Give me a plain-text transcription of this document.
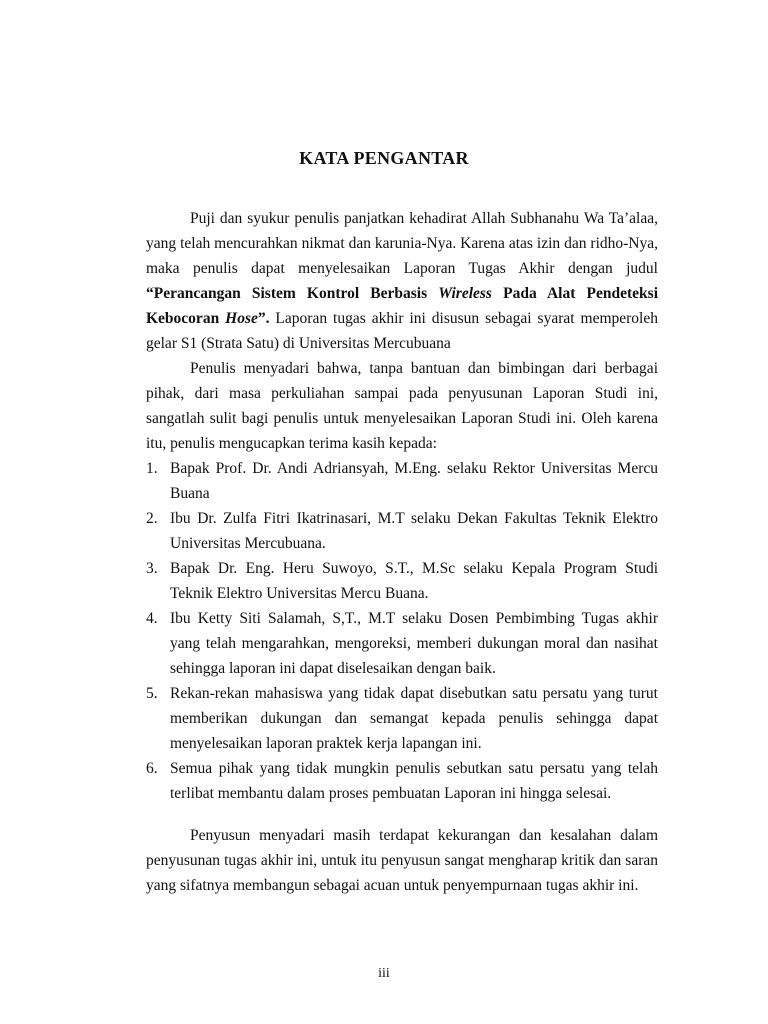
KATA PENGANTAR

Puji dan syukur penulis panjatkan kehadirat Allah Subhanahu Wa Ta’alaa, yang telah mencurahkan nikmat dan karunia-Nya. Karena atas izin dan ridho-Nya, maka penulis dapat menyelesaikan Laporan Tugas Akhir dengan judul “Perancangan Sistem Kontrol Berbasis Wireless Pada Alat Pendeteksi Kebocoran Hose”. Laporan tugas akhir ini disusun sebagai syarat memperoleh gelar S1 (Strata Satu) di Universitas Mercubuana

Penulis menyadari bahwa, tanpa bantuan dan bimbingan dari berbagai pihak, dari masa perkuliahan sampai pada penyusunan Laporan Studi ini, sangatlah sulit bagi penulis untuk menyelesaikan Laporan Studi ini. Oleh karena itu, penulis mengucapkan terima kasih kepada:

1. Bapak Prof. Dr. Andi Adriansyah, M.Eng. selaku Rektor Universitas Mercu Buana
2. Ibu Dr. Zulfa Fitri Ikatrinasari, M.T selaku Dekan Fakultas Teknik Elektro Universitas Mercubuana.
3. Bapak Dr. Eng. Heru Suwoyo, S.T., M.Sc selaku Kepala Program Studi Teknik Elektro Universitas Mercu Buana.
4. Ibu Ketty Siti Salamah, S,T., M.T selaku Dosen Pembimbing Tugas akhir yang telah mengarahkan, mengoreksi, memberi dukungan moral dan nasihat sehingga laporan ini dapat diselesaikan dengan baik.
5. Rekan-rekan mahasiswa yang tidak dapat disebutkan satu persatu yang turut memberikan dukungan dan semangat kepada penulis sehingga dapat menyelesaikan laporan praktek kerja lapangan ini.
6. Semua pihak yang tidak mungkin penulis sebutkan satu persatu yang telah terlibat membantu dalam proses pembuatan Laporan ini hingga selesai.

Penyusun menyadari masih terdapat kekurangan dan kesalahan dalam penyusunan tugas akhir ini, untuk itu penyusun sangat mengharap kritik dan saran yang sifatnya membangun sebagai acuan untuk penyempurnaan tugas akhir ini.

iii
